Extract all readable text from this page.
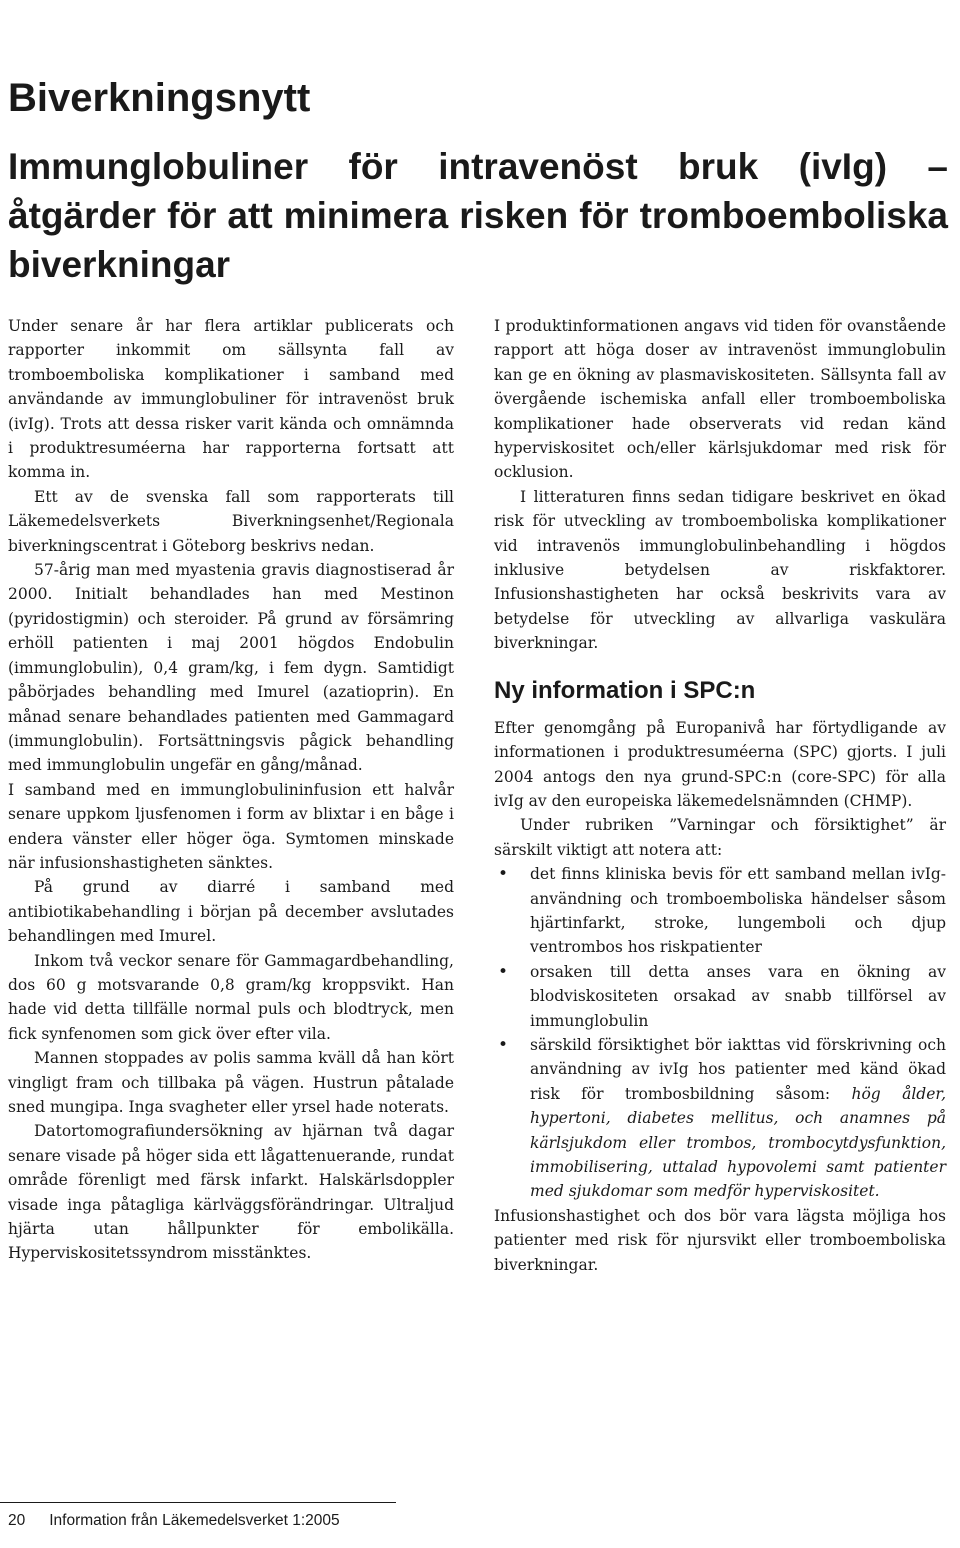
Biverkningsnytt
Immunglobuliner för intravenöst bruk (ivIg) – åtgärder för att minimera risken för tromboemboliska biverkningar

Under senare år har flera artiklar publicerats och rapporter inkommit om sällsynta fall av tromboemboliska komplikationer i samband med användande av immunglobuliner för intravenöst bruk (ivIg). Trots att dessa risker varit kända och omnämnda i produktresuméerna har rapporterna fortsatt att komma in.

Ett av de svenska fall som rapporterats till Läkemedelsverkets Biverkningsenhet/Regionala biverkningscentrat i Göteborg beskrivs nedan.

57-årig man med myastenia gravis diagnostiserad år 2000. Initialt behandlades han med Mestinon (pyridostigmin) och steroider. På grund av försämring erhöll patienten i maj 2001 högdos Endobulin (immunglobulin), 0,4 gram/kg, i fem dygn. Samtidigt påbörjades behandling med Imurel (azatioprin). En månad senare behandlades patienten med Gammagard (immunglobulin). Fortsättningsvis pågick behandling med immunglobulin ungefär en gång/månad.

I samband med en immunglobulininfusion ett halvår senare uppkom ljusfenomen i form av blixtar i en båge i endera vänster eller höger öga. Symtomen minskade när infusionshastigheten sänktes.

På grund av diarré i samband med antibiotikabehandling i början på december avslutades behandlingen med Imurel.

Inkom två veckor senare för Gammagardbehandling, dos 60 g motsvarande 0,8 gram/kg kroppsvikt. Han hade vid detta tillfälle normal puls och blodtryck, men fick synfenomen som gick över efter vila.

Mannen stoppades av polis samma kväll då han kört vingligt fram och tillbaka på vägen. Hustrun påtalade sned mungipa. Inga svagheter eller yrsel hade noterats.

Datortomografiundersökning av hjärnan två dagar senare visade på höger sida ett lågattenuerande, rundat område förenligt med färsk infarkt. Halskärlsdoppler visade inga påtagliga kärlväggsförändringar. Ultraljud hjärta utan hållpunkter för embolikälla. Hyperviskositetssyndrom misstänktes.

I produktinformationen angavs vid tiden för ovanstående rapport att höga doser av intravenöst immunglobulin kan ge en ökning av plasmaviskositeten. Sällsynta fall av övergående ischemiska anfall eller tromboemboliska komplikationer hade observerats vid redan känd hyperviskositet och/eller kärlsjukdomar med risk för ocklusion.

I litteraturen finns sedan tidigare beskrivet en ökad risk för utveckling av tromboemboliska komplikationer vid intravenös immunglobulinbehandling i högdos inklusive betydelsen av riskfaktorer. Infusionshastigheten har också beskrivits vara av betydelse för utveckling av allvarliga vaskulära biverkningar.

Ny information i SPC:n

Efter genomgång på Europanivå har förtydligande av informationen i produktresuméerna (SPC) gjorts. I juli 2004 antogs den nya grund-SPC:n (core-SPC) för alla ivIg av den europeiska läkemedelsnämnden (CHMP).

Under rubriken ”Varningar och försiktighet” är särskilt viktigt att notera att:

• det finns kliniska bevis för ett samband mellan ivIg-användning och tromboemboliska händelser såsom hjärtinfarkt, stroke, lungemboli och djup ventrombos hos riskpatienter
• orsaken till detta anses vara en ökning av blodviskositeten orsakad av snabb tillförsel av immunglobulin
• särskild försiktighet bör iakttas vid förskrivning och användning av ivIg hos patienter med känd ökad risk för trombosbildning såsom: hög ålder, hypertoni, diabetes mellitus, och anamnes på kärlsjukdom eller trombos, trombocytdysfunktion, immobilisering, uttalad hypovolemi samt patienter med sjukdomar som medför hyperviskositet.

Infusionshastighet och dos bör vara lägsta möjliga hos patienter med risk för njursvikt eller tromboemboliska biverkningar.

20 Information från Läkemedelsverket 1:2005
